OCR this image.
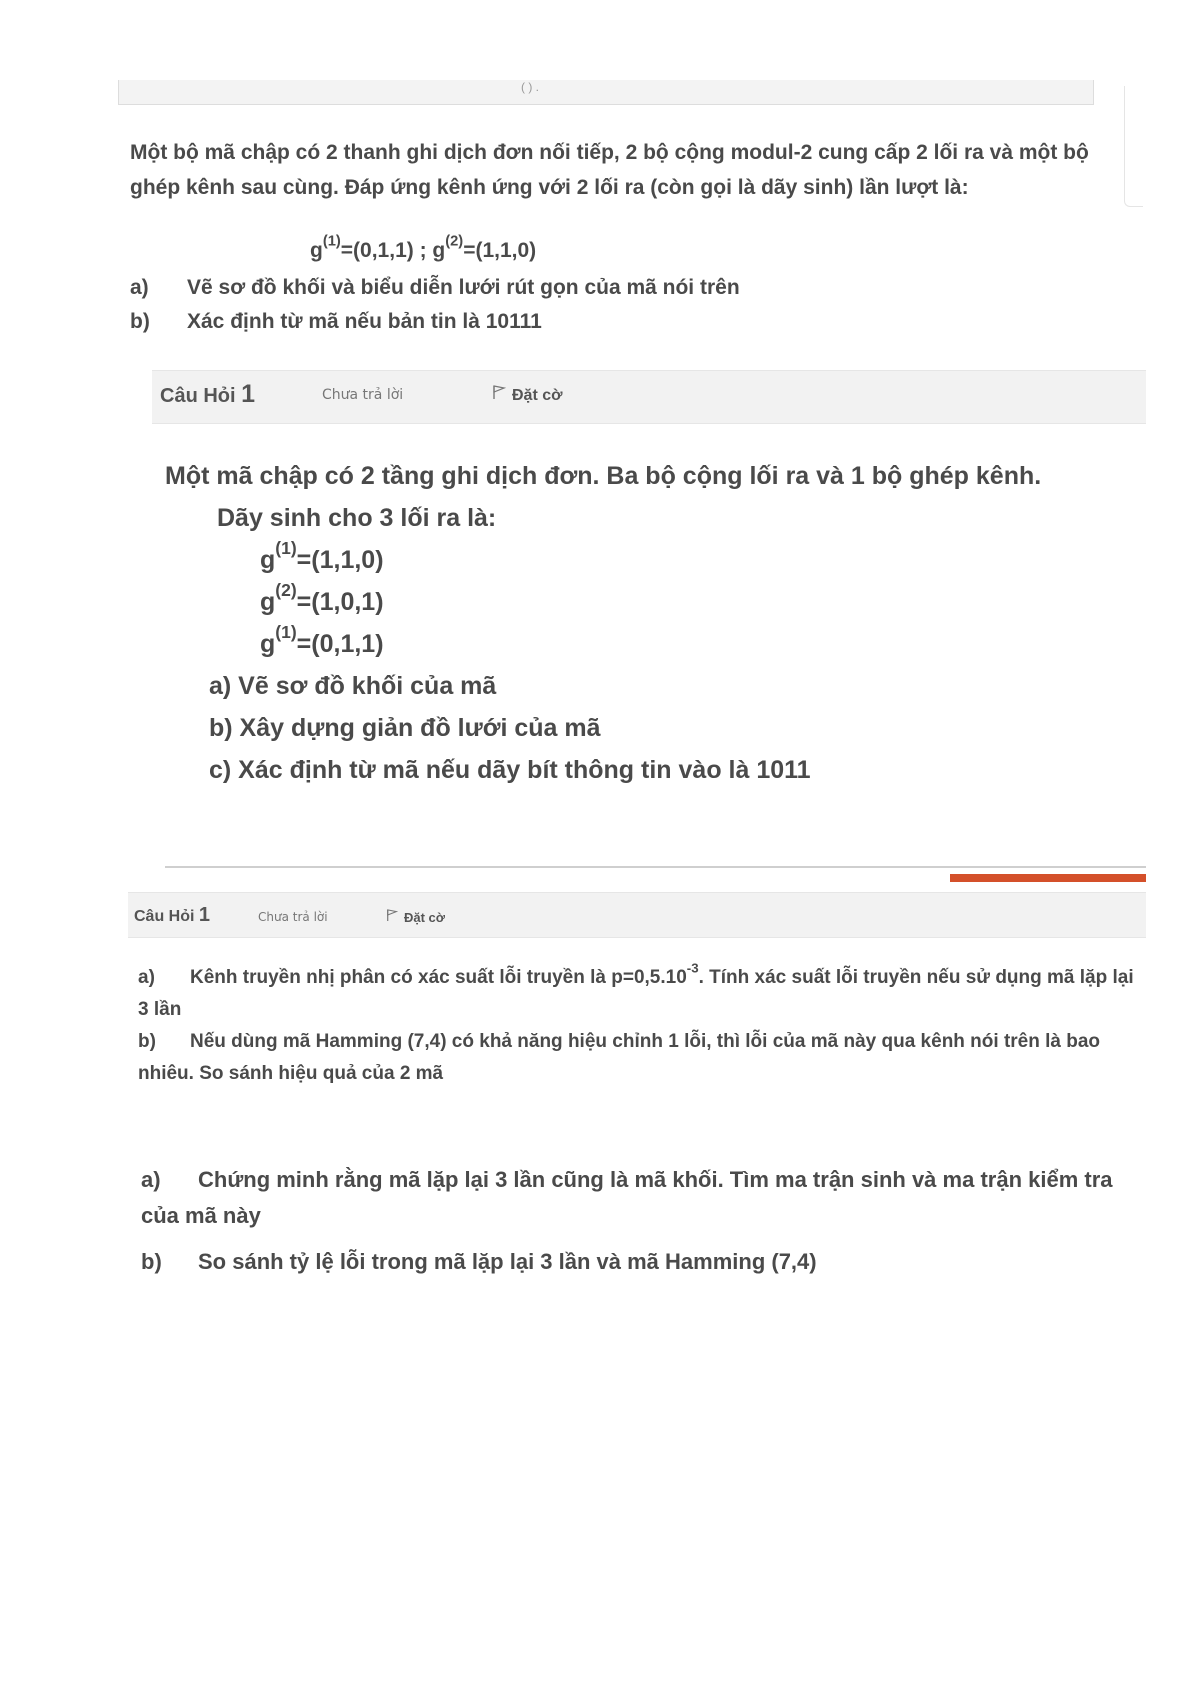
( ) .
Một bộ mã chập có 2 thanh ghi dịch đơn nối tiếp, 2 bộ cộng modul-2 cung cấp 2 lối ra và một bộ ghép kênh sau cùng. Đáp ứng kênh ứng với 2 lối ra (còn gọi là dãy sinh) lần lượt là:
$g^{(1)}=(0,1,1)$ ; $g^{(2)}=(1,1,0)$
a) Vẽ sơ đồ khối và biểu diễn lưới rút gọn của mã nói trên
b) Xác định từ mã nếu bản tin là 10111
Câu Hỏi 1	Chưa trả lời	Đặt cờ
Một mã chập có 2 tầng ghi dịch đơn. Ba bộ cộng lối ra và 1 bộ ghép kênh.
Dãy sinh cho 3 lối ra là:
$g^{(1)}=(1,1,0)$
$g^{(2)}=(1,0,1)$
$g^{(1)}=(0,1,1)$
a) Vẽ sơ đồ khối của mã
b) Xây dựng giản đồ lưới của mã
c) Xác định từ mã nếu dãy bít thông tin vào là 1011
Câu Hỏi 1	Chưa trả lời	Đặt cờ

a) Kênh truyền nhị phân có xác suất lỗi truyền là $p=0,5.10^{-3}$. Tính xác suất lỗi truyền nếu sử dụng mã lặp lại 3 lần

b) Nếu dùng mã Hamming (7,4) có khả năng hiệu chỉnh 1 lỗi, thì lỗi của mã này qua kênh nói trên là bao nhiêu. So sánh hiệu quả của 2 mã

a) Chứng minh rằng mã lặp lại 3 lần cũng là mã khối. Tìm ma trận sinh và ma trận kiểm tra của mã này

b) So sánh tỷ lệ lỗi trong mã lặp lại 3 lần và mã Hamming (7,4)
